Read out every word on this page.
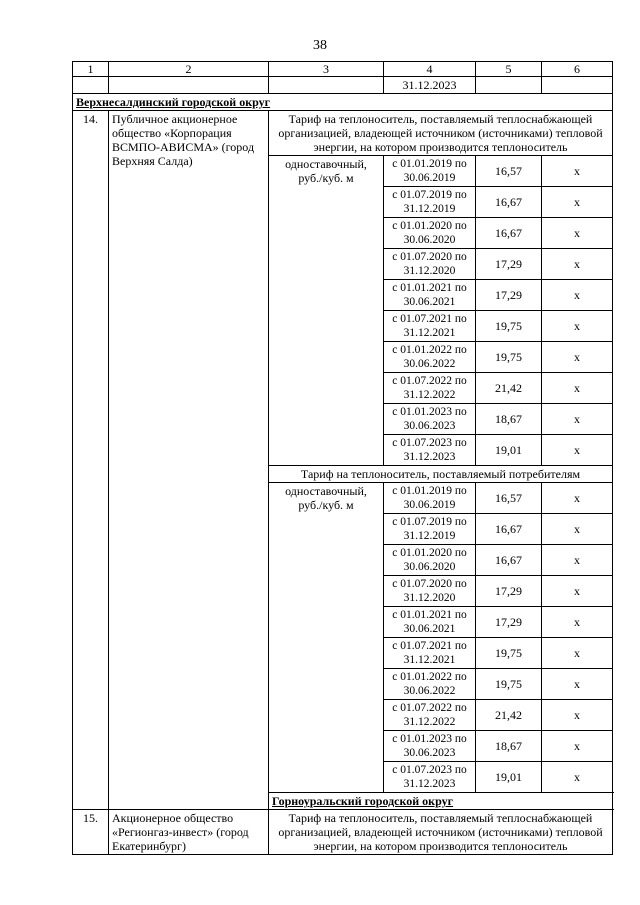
38
1	2	3	4	5	6
			31.12.2023		
Верхнесалдинский городской округ					
14.	Публичное акционерное общество «Корпорация ВСМПО-АВИСМА» (город Верхняя Салда)	Тариф на теплоноситель, поставляемый теплоснабжающей организацией, владеющей источником (источниками) тепловой энергии, на котором производится теплоноситель			
		одноставочный, руб./куб. м	с 01.01.2019 по 30.06.2019	16,57	x
			с 01.07.2019 по 31.12.2019	16,67	x
			с 01.01.2020 по 30.06.2020	16,67	x
			с 01.07.2020 по 31.12.2020	17,29	x
			с 01.01.2021 по 30.06.2021	17,29	x
			с 01.07.2021 по 31.12.2021	19,75	x
			с 01.01.2022 по 30.06.2022	19,75	x
			с 01.07.2022 по 31.12.2022	21,42	x
			с 01.01.2023 по 30.06.2023	18,67	x
			с 01.07.2023 по 31.12.2023	19,01	x
		Тариф на теплоноситель, поставляемый потребителям			
		одноставочный, руб./куб. м	с 01.01.2019 по 30.06.2019	16,57	x
			с 01.07.2019 по 31.12.2019	16,67	x
			с 01.01.2020 по 30.06.2020	16,67	x
			с 01.07.2020 по 31.12.2020	17,29	x
			с 01.01.2021 по 30.06.2021	17,29	x
			с 01.07.2021 по 31.12.2021	19,75	x
			с 01.01.2022 по 30.06.2022	19,75	x
			с 01.07.2022 по 31.12.2022	21,42	x
			с 01.01.2023 по 30.06.2023	18,67	x
			с 01.07.2023 по 31.12.2023	19,01	x
		Горноуральский городской округ			
15.	Акционерное общество «Регионгаз-инвест» (город Екатеринбург)	Тариф на теплоноситель, поставляемый теплоснабжающей организацией, владеющей источником (источниками) тепловой энергии, на котором производится теплоноситель			
